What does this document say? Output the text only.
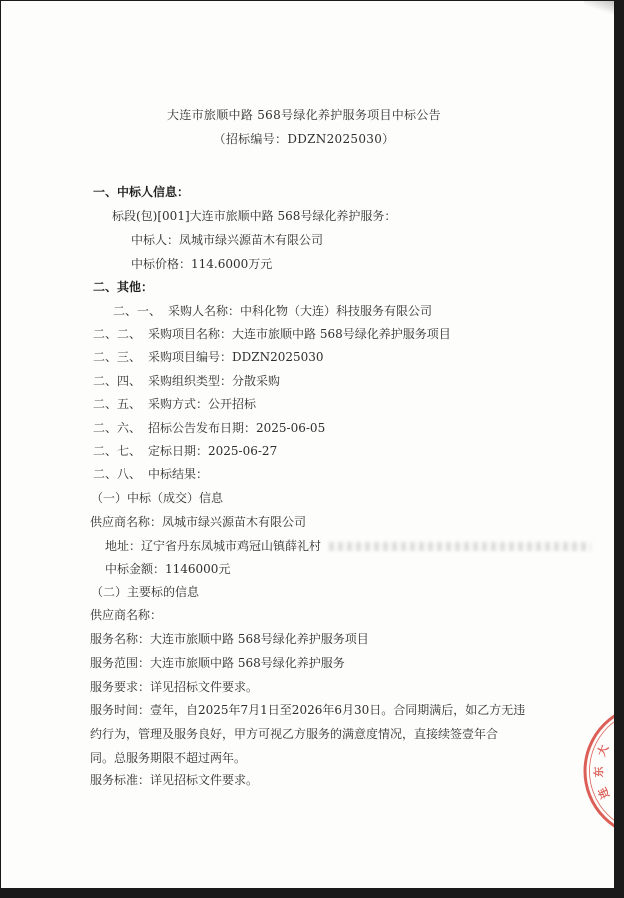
大连市旅顺中路 568号绿化养护服务项目中标公告
（招标编号：DDZN2025030）
一、中标人信息：
标段(包)[001]大连市旅顺中路 568号绿化养护服务：
中标人：凤城市绿兴源苗木有限公司
中标价格：114.6000万元
二、其他：
二、一、 采购人名称：中科化物（大连）科技服务有限公司
二、二、 采购项目名称：大连市旅顺中路 568号绿化养护服务项目
二、三、 采购项目编号：DDZN2025030
二、四、 采购组织类型：分散采购
二、五、 采购方式：公开招标
二、六、 招标公告发布日期：2025-06-05
二、七、 定标日期：2025-06-27
二、八、 中标结果：
（一）中标（成交）信息
供应商名称：凤城市绿兴源苗木有限公司
地址：辽宁省丹东凤城市鸡冠山镇薛礼村
中标金额：1146000元
（二）主要标的信息
供应商名称：
服务名称：大连市旅顺中路 568号绿化养护服务项目
服务范围：大连市旅顺中路 568号绿化养护服务
服务要求：详见招标文件要求。
服务时间：壹年，自2025年7月1日至2026年6月30日。合同期满后，如乙方无违
约行为，管理及服务良好，甲方可视乙方服务的满意度情况，直接续签壹年合
同。总服务期限不超过两年。
服务标准：详见招标文件要求。
连
东
大
